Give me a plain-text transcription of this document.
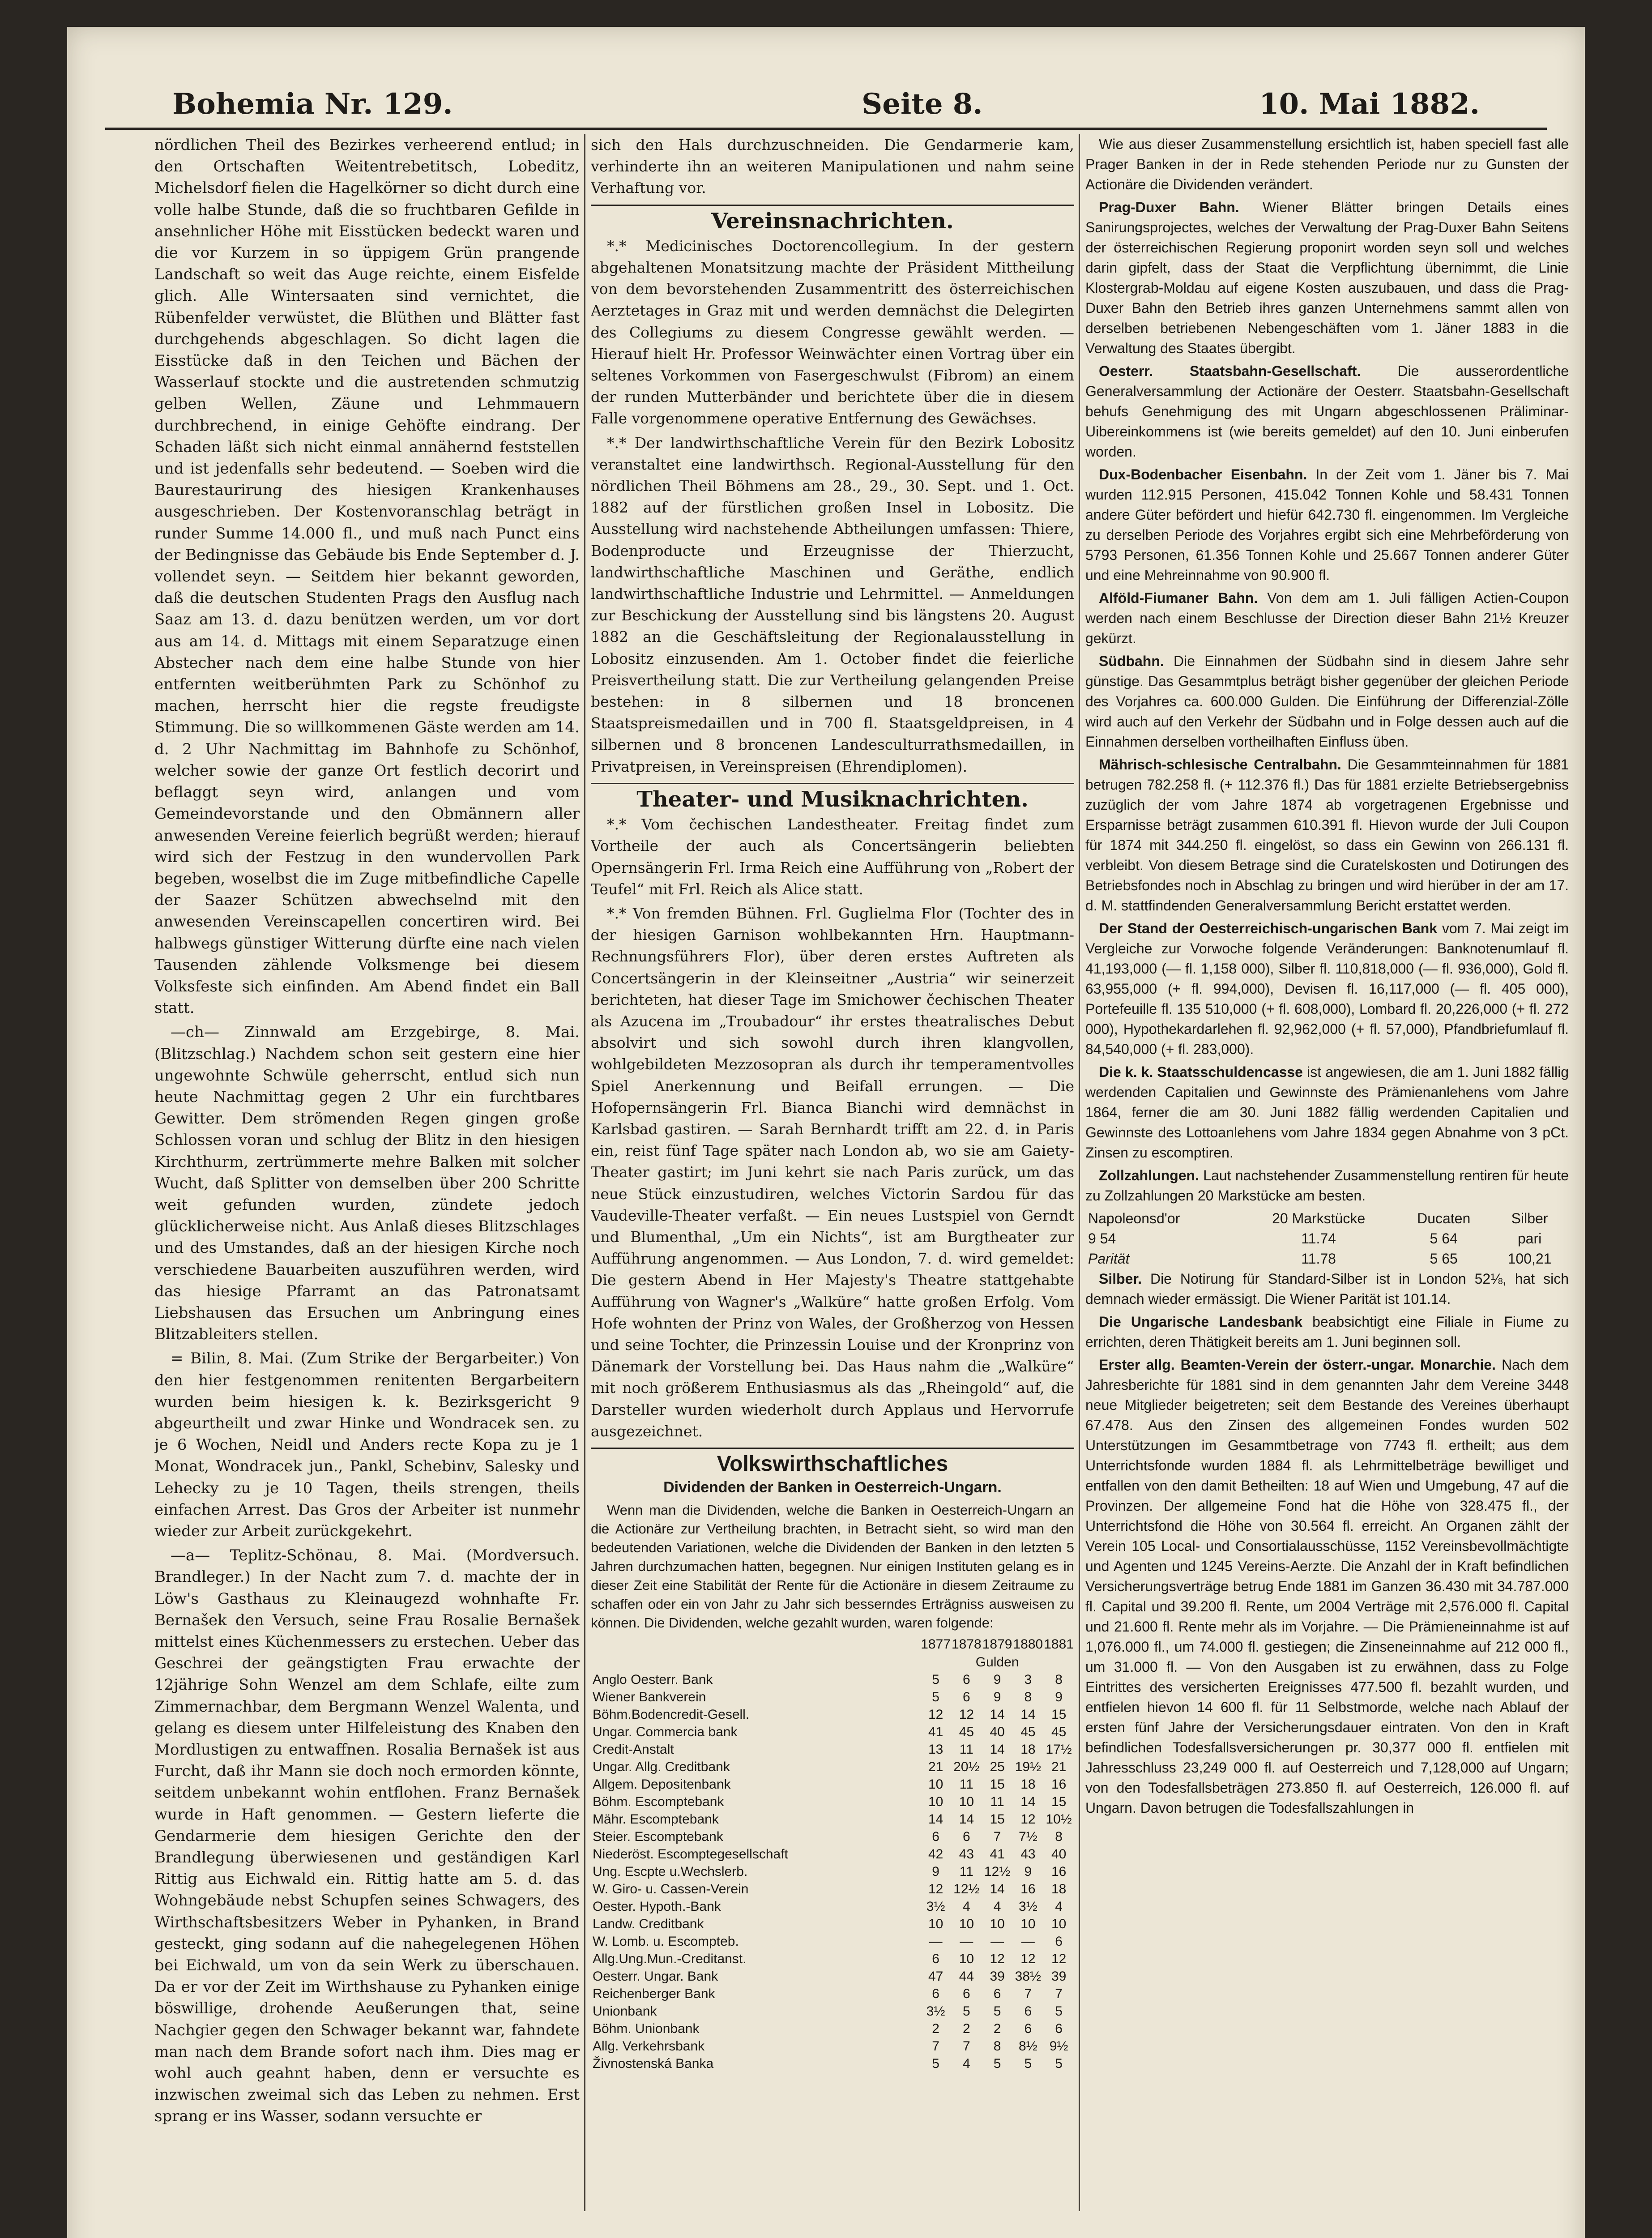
Bohemia Nr. 129.	Seite 8.	10. Mai 1882.

nördlichen Theil des Bezirkes verheerend entlud; in den Ortschaften Weitentrebetitsch, Lobeditz, Michelsdorf fielen die Hagelkörner so dicht durch eine volle halbe Stunde, daß die so fruchtbaren Gefilde in ansehnlicher Höhe mit Eisstücken bedeckt waren und die vor Kurzem in so üppigem Grün prangende Landschaft so weit das Auge reichte, einem Eisfelde glich. Alle Wintersaaten sind vernichtet, die Rübenfelder verwüstet, die Blüthen und Blätter fast durchgehends abgeschlagen. So dicht lagen die Eisstücke daß in den Teichen und Bächen der Wasserlauf stockte und die austretenden schmutzig gelben Wellen, Zäune und Lehmmauern durchbrechend, in einige Gehöfte eindrang. Der Schaden läßt sich nicht einmal annähernd feststellen und ist jedenfalls sehr bedeutend. — Soeben wird die Baurestaurirung des hiesigen Krankenhauses ausgeschrieben. Der Kostenvoranschlag beträgt in runder Summe 14.000 fl., und muß nach Punct eins der Bedingnisse das Gebäude bis Ende September d. J. vollendet seyn. — Seitdem hier bekannt geworden, daß die deutschen Studenten Prags den Ausflug nach Saaz am 13. d. dazu benützen werden, um vor dort aus am 14. d. Mittags mit einem Separatzuge einen Abstecher nach dem eine halbe Stunde von hier entfernten weitberühmten Park zu Schönhof zu machen, herrscht hier die regste freudigste Stimmung. Die so willkommenen Gäste werden am 14. d. 2 Uhr Nachmittag im Bahnhofe zu Schönhof, welcher sowie der ganze Ort festlich decorirt und beflaggt seyn wird, anlangen und vom Gemeindevorstande und den Obmännern aller anwesenden Vereine feierlich begrüßt werden; hierauf wird sich der Festzug in den wundervollen Park begeben, woselbst die im Zuge mitbefindliche Capelle der Saazer Schützen abwechselnd mit den anwesenden Vereinscapellen concertiren wird. Bei halbwegs günstiger Witterung dürfte eine nach vielen Tausenden zählende Volksmenge bei diesem Volksfeste sich einfinden. Am Abend findet ein Ball statt.

—ch— Zinnwald am Erzgebirge, 8. Mai. (Blitzschlag.) Nachdem schon seit gestern eine hier ungewohnte Schwüle geherrscht, entlud sich nun heute Nachmittag gegen 2 Uhr ein furchtbares Gewitter. Dem strömenden Regen gingen große Schlossen voran und schlug der Blitz in den hiesigen Kirchthurm, zertrümmerte mehre Balken mit solcher Wucht, daß Splitter von demselben über 200 Schritte weit gefunden wurden, zündete jedoch glücklicherweise nicht. Aus Anlaß dieses Blitzschlages und des Umstandes, daß an der hiesigen Kirche noch verschiedene Bauarbeiten auszuführen werden, wird das hiesige Pfarramt an das Patronatsamt Liebshausen das Ersuchen um Anbringung eines Blitzableiters stellen.

= Bilin, 8. Mai. (Zum Strike der Bergarbeiter.) Von den hier festgenommen renitenten Bergarbeitern wurden beim hiesigen k. k. Bezirksgericht 9 abgeurtheilt und zwar Hinke und Wondracek sen. zu je 6 Wochen, Neidl und Anders recte Kopa zu je 1 Monat, Wondracek jun., Pankl, Schebinv, Salesky und Lehecky zu je 10 Tagen, theils strengen, theils einfachen Arrest. Das Gros der Arbeiter ist nunmehr wieder zur Arbeit zurückgekehrt.

—a— Teplitz-Schönau, 8. Mai. (Mordversuch. Brandleger.) In der Nacht zum 7. d. machte der in Löw's Gasthaus zu Kleinaugezd wohnhafte Fr. Bernašek den Versuch, seine Frau Rosalie Bernašek mittelst eines Küchenmessers zu erstechen. Ueber das Geschrei der geängstigten Frau erwachte der 12jährige Sohn Wenzel am dem Schlafe, eilte zum Zimmernachbar, dem Bergmann Wenzel Walenta, und gelang es diesem unter Hilfeleistung des Knaben den Mordlustigen zu entwaffnen. Rosalia Bernašek ist aus Furcht, daß ihr Mann sie doch noch ermorden könnte, seitdem unbekannt wohin entflohen. Franz Bernašek wurde in Haft genommen. — Gestern lieferte die Gendarmerie dem hiesigen Gerichte den der Brandlegung überwiesenen und geständigen Karl Rittig aus Eichwald ein. Rittig hatte am 5. d. das Wohngebäude nebst Schupfen seines Schwagers, des Wirthschaftsbesitzers Weber in Pyhanken, in Brand gesteckt, ging sodann auf die nahegelegenen Höhen bei Eichwald, um von da sein Werk zu überschauen. Da er vor der Zeit im Wirthshause zu Pyhanken einige böswillige, drohende Aeußerungen that, seine Nachgier gegen den Schwager bekannt war, fahndete man nach dem Brande sofort nach ihm. Dies mag er wohl auch geahnt haben, denn er versuchte es inzwischen zweimal sich das Leben zu nehmen. Erst sprang er ins Wasser, sodann versuchte er

sich den Hals durchzuschneiden. Die Gendarmerie kam, verhinderte ihn an weiteren Manipulationen und nahm seine Verhaftung vor.

Vereinsnachrichten.

*.* Medicinisches Doctorencollegium. In der gestern abgehaltenen Monatsitzung machte der Präsident Mittheilung von dem bevorstehenden Zusammentritt des österreichischen Aerztetages in Graz mit und werden demnächst die Delegirten des Collegiums zu diesem Congresse gewählt werden. — Hierauf hielt Hr. Professor Weinwächter einen Vortrag über ein seltenes Vorkommen von Fasergeschwulst (Fibrom) an einem der runden Mutterbänder und berichtete über die in diesem Falle vorgenommene operative Entfernung des Gewächses.

*.* Der landwirthschaftliche Verein für den Bezirk Lobositz veranstaltet eine landwirthsch. Regional-Ausstellung für den nördlichen Theil Böhmens am 28., 29., 30. Sept. und 1. Oct. 1882 auf der fürstlichen großen Insel in Lobositz. Die Ausstellung wird nachstehende Abtheilungen umfassen: Thiere, Bodenproducte und Erzeugnisse der Thierzucht, landwirthschaftliche Maschinen und Geräthe, endlich landwirthschaftliche Industrie und Lehrmittel. — Anmeldungen zur Beschickung der Ausstellung sind bis längstens 20. August 1882 an die Geschäftsleitung der Regionalausstellung in Lobositz einzusenden. Am 1. October findet die feierliche Preisvertheilung statt. Die zur Vertheilung gelangenden Preise bestehen: in 8 silbernen und 18 broncenen Staatspreismedaillen und in 700 fl. Staatsgeldpreisen, in 4 silbernen und 8 broncenen Landesculturrathsmedaillen, in Privatpreisen, in Vereinspreisen (Ehrendiplomen).

Theater- und Musiknachrichten.

*.* Vom čechischen Landestheater. Freitag findet zum Vortheile der auch als Concertsängerin beliebten Opernsängerin Frl. Irma Reich eine Aufführung von „Robert der Teufel“ mit Frl. Reich als Alice statt.

*.* Von fremden Bühnen. Frl. Guglielma Flor (Tochter des in der hiesigen Garnison wohlbekannten Hrn. Hauptmann-Rechnungsführers Flor), über deren erstes Auftreten als Concertsängerin in der Kleinseitner „Austria“ wir seinerzeit berichteten, hat dieser Tage im Smichower čechischen Theater als Azucena im „Troubadour“ ihr erstes theatralisches Debut absolvirt und sich sowohl durch ihren klangvollen, wohlgebildeten Mezzosopran als durch ihr temperamentvolles Spiel Anerkennung und Beifall errungen. — Die Hofopernsängerin Frl. Bianca Bianchi wird demnächst in Karlsbad gastiren. — Sarah Bernhardt trifft am 22. d. in Paris ein, reist fünf Tage später nach London ab, wo sie am Gaiety-Theater gastirt; im Juni kehrt sie nach Paris zurück, um das neue Stück einzustudiren, welches Victorin Sardou für das Vaudeville-Theater verfaßt. — Ein neues Lustspiel von Gerndt und Blumenthal, „Um ein Nichts“, ist am Burgtheater zur Aufführung angenommen. — Aus London, 7. d. wird gemeldet: Die gestern Abend in Her Majesty's Theatre stattgehabte Aufführung von Wagner's „Walküre“ hatte großen Erfolg. Vom Hofe wohnten der Prinz von Wales, der Großherzog von Hessen und seine Tochter, die Prinzessin Louise und der Kronprinz von Dänemark der Vorstellung bei. Das Haus nahm die „Walküre“ mit noch größerem Enthusiasmus als das „Rheingold“ auf, die Darsteller wurden wiederholt durch Applaus und Hervorrufe ausgezeichnet.

Volkswirthschaftliches
Dividenden der Banken in Oesterreich-Ungarn.

Wenn man die Dividenden, welche die Banken in Oesterreich-Ungarn an die Actionäre zur Vertheilung brachten, in Betracht sieht, so wird man den bedeutenden Variationen, welche die Dividenden der Banken in den letzten 5 Jahren durchzumachen hatten, begegnen. Nur einigen Instituten gelang es in dieser Zeit eine Stabilität der Rente für die Actionäre in diesem Zeitraume zu schaffen oder ein von Jahr zu Jahr sich besserndes Erträgniss ausweisen zu können. Die Dividenden, welche gezahlt wurden, waren folgende:

	1877	1878	1879	1880	1881
	Gulden				
Anglo Oesterr. Bank	5	6	9	3	8
Wiener Bankverein	5	6	9	8	9
Böhm.Bodencredit-Gesell.	12	12	14	14	15
Ungar. Commercia bank	41	45	40	45	45
Credit-Anstalt	13	11	14	18	17½
Ungar. Allg. Creditbank	21	20½	25	19½	21
Allgem. Depositenbank	10	11	15	18	16
Böhm. Escomptebank	10	10	11	14	15
Mähr. Escomptebank	14	14	15	12	10½
Steier. Escomptebank	6	6	7	7½	8
Niederöst. Escomptegesellschaft	42	43	41	43	40
Ung. Escpte u.Wechslerb.	9	11	12½	9	16
W. Giro- u. Cassen-Verein	12	12½	14	16	18
Oester. Hypoth.-Bank	3½	4	4	3½	4
Landw. Creditbank	10	10	10	10	10
W. Lomb. u. Escompteb.	—	—	—	—	6
Allg.Ung.Mun.-Creditanst.	6	10	12	12	12
Oesterr. Ungar. Bank	47	44	39	38½	39
Reichenberger Bank	6	6	6	7	7
Unionbank	3½	5	5	6	5
Böhm. Unionbank	2	2	2	6	6
Allg. Verkehrsbank	7	7	8	8½	9½
Živnostenská Banka	5	4	5	5	5

Wie aus dieser Zusammenstellung ersichtlich ist, haben speciell fast alle Prager Banken in der in Rede stehenden Periode nur zu Gunsten der Actionäre die Dividenden verändert.

Prag-Duxer Bahn. Wiener Blätter bringen Details eines Sanirungsprojectes, welches der Verwaltung der Prag-Duxer Bahn Seitens der österreichischen Regierung proponirt worden seyn soll und welches darin gipfelt, dass der Staat die Verpflichtung übernimmt, die Linie Klostergrab-Moldau auf eigene Kosten auszubauen, und dass die Prag-Duxer Bahn den Betrieb ihres ganzen Unternehmens sammt allen von derselben betriebenen Nebengeschäften vom 1. Jäner 1883 in die Verwaltung des Staates übergibt.

Oesterr. Staatsbahn-Gesellschaft.	Die ausserordentliche Generalversammlung der Actionäre der Oesterr. Staatsbahn-Gesellschaft behufs Genehmigung des mit Ungarn abgeschlossenen Präliminar-Uibereinkommens ist (wie bereits gemeldet) auf den 10. Juni einberufen worden.

Dux-Bodenbacher Eisenbahn. In der Zeit vom 1. Jäner bis 7. Mai wurden 112.915 Personen, 415.042 Tonnen Kohle und 58.431 Tonnen andere Güter befördert und hiefür 642.730 fl. eingenommen. Im Vergleiche zu derselben Periode des Vorjahres ergibt sich eine Mehrbeförderung von 5793 Personen, 61.356 Tonnen Kohle und 25.667 Tonnen anderer Güter und eine Mehreinnahme von 90.900 fl.

Alföld-Fiumaner Bahn. Von dem am 1. Juli fälligen Actien-Coupon werden nach einem Beschlusse der Direction dieser Bahn 21½ Kreuzer gekürzt.

Südbahn. Die Einnahmen der Südbahn sind in diesem Jahre sehr günstige. Das Gesammtplus beträgt bisher gegenüber der gleichen Periode des Vorjahres ca. 600.000 Gulden. Die Einführung der Differenzial-Zölle wird auch auf den Verkehr der Südbahn und in Folge dessen auch auf die Einnahmen derselben vortheilhaften Einfluss üben.

Mährisch-schlesische Centralbahn. Die Gesammteinnahmen für 1881 betrugen 782.258 fl. (+ 112.376 fl.) Das für 1881 erzielte Betriebsergebniss zuzüglich der vom Jahre 1874 ab vorgetragenen Ergebnisse und Ersparnisse beträgt zusammen 610.391 fl. Hievon wurde der Juli Coupon für 1874 mit 344.250 fl. eingelöst, so dass ein Gewinn von 266.131 fl. verbleibt. Von diesem Betrage sind die Curatelskosten und Dotirungen des Betriebsfondes noch in Abschlag zu bringen und wird hierüber in der am 17. d. M. stattfindenden Generalversammlung Bericht erstattet werden.

Der Stand der Oesterreichisch-ungarischen Bank vom 7. Mai zeigt im Vergleiche zur Vorwoche folgende Veränderungen: Banknotenumlauf fl. 41,193,000 (— fl. 1,158 000), Silber fl. 110,818,000 (— fl. 936,000), Gold fl. 63,955,000 (+ fl. 994,000), Devisen fl. 16,117,000 (— fl. 405 000), Portefeuille fl. 135 510,000 (+ fl. 608,000), Lombard fl. 20,226,000 (+ fl. 272 000), Hypothekardarlehen fl. 92,962,000 (+ fl. 57,000), Pfandbriefumlauf fl. 84,540,000 (+ fl. 283,000).

Die k. k. Staatsschuldencasse ist angewiesen, die am 1. Juni 1882 fällig werdenden Capitalien und Gewinnste des Prämienanlehens vom Jahre 1864, ferner die am 30. Juni 1882 fällig werdenden Capitalien und Gewinnste des Lottoanlehens vom Jahre 1834 gegen Abnahme von 3 pCt. Zinsen zu escomptiren.

Zollzahlungen. Laut nachstehender Zusammenstellung rentiren für heute zu Zollzahlungen 20 Markstücke am besten.

Napoleonsd'or	20 Markstücke	Ducaten	Silber
9 54	11.74	5 64	pari
Parität	11.78	5 65	100,21

Silber. Die Notirung für Standard-Silber ist in London 52⅛, hat sich demnach wieder ermässigt. Die Wiener Parität ist 101.14.

Die Ungarische Landesbank beabsichtigt eine Filiale in Fiume zu errichten, deren Thätigkeit bereits am 1. Juni beginnen soll.

Erster allg. Beamten-Verein der österr.-ungar. Monarchie. Nach dem Jahresberichte für 1881 sind in dem genannten Jahr dem Vereine 3448 neue Mitglieder beigetreten; seit dem Bestande des Vereines überhaupt 67.478. Aus den Zinsen des allgemeinen Fondes wurden 502 Unterstützungen im Gesammtbetrage von 7743 fl. ertheilt; aus dem Unterrichtsfonde wurden 1884 fl. als Lehrmittelbeträge bewilliget und entfallen von den damit Betheilten: 18 auf Wien und Umgebung, 47 auf die Provinzen. Der allgemeine Fond hat die Höhe von 328.475 fl., der Unterrichtsfond die Höhe von 30.564 fl. erreicht. An Organen zählt der Verein 105 Local- und Consortialausschüsse, 1152 Vereinsbevollmächtigte und Agenten und 1245 Vereins-Aerzte. Die Anzahl der in Kraft befindlichen Versicherungsverträge betrug Ende 1881 im Ganzen 36.430 mit 34.787.000 fl. Capital und 39.200 fl. Rente, um 2004 Verträge mit 2,576.000 fl. Capital und 21.600 fl. Rente mehr als im Vorjahre. — Die Prämieneinnahme ist auf 1,076.000 fl., um 74.000 fl. gestiegen; die Zinseneinnahme auf 212 000 fl., um 31.000 fl. — Von den Ausgaben ist zu erwähnen, dass zu Folge Eintrittes des versicherten Ereignisses 477.500 fl. bezahlt wurden, und entfielen hievon 14 600 fl. für 11 Selbstmorde, welche nach Ablauf der ersten fünf Jahre der Versicherungsdauer eintraten. Von den in Kraft befindlichen Todesfallsversicherungen pr. 30,377 000 fl. entfielen mit Jahresschluss 23,249 000 fl. auf Oesterreich und 7,128,000 auf Ungarn; von den Todesfallsbeträgen 273.850 fl. auf Oesterreich, 126.000 fl. auf Ungarn. Davon betrugen die Todesfallszahlungen in
